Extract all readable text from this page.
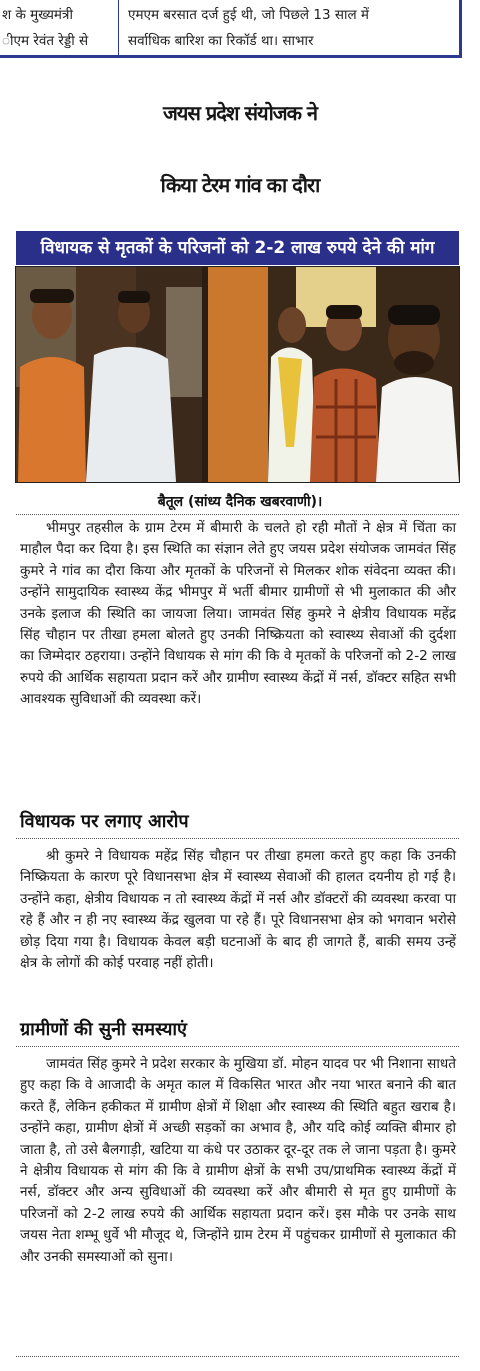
श के मुख्यमंत्री
ीएम रेवंत रेड्डी से
एमएम बरसात दर्ज हुई थी, जो पिछले 13 साल में
सर्वाधिक बारिश का रिकॉर्ड था। साभार
जयस प्रदेश संयोजक ने
किया टेरम गांव का दौरा
विधायक से मृतकों के परिजनों को 2-2 लाख रुपये देने की मांग
बैतूल (सांध्य दैनिक खबरवाणी)।

भीमपुर तहसील के ग्राम टेरम में बीमारी के चलते हो रही मौतों ने क्षेत्र में चिंता का माहौल पैदा कर दिया है। इस स्थिति का संज्ञान लेते हुए जयस प्रदेश संयोजक जामवंत सिंह कुमरे ने गांव का दौरा किया और मृतकों के परिजनों से मिलकर शोक संवेदना व्यक्त की। उन्होंने सामुदायिक स्वास्थ्य केंद्र भीमपुर में भर्ती बीमार ग्रामीणों से भी मुलाकात की और उनके इलाज की स्थिति का जायजा लिया। जामवंत सिंह कुमरे ने क्षेत्रीय विधायक महेंद्र सिंह चौहान पर तीखा हमला बोलते हुए उनकी निष्क्रियता को स्वास्थ्य सेवाओं की दुर्दशा का जिम्मेदार ठहराया। उन्होंने विधायक से मांग की कि वे मृतकों के परिजनों को 2-2 लाख रुपये की आर्थिक सहायता प्रदान करें और ग्रामीण स्वास्थ्य केंद्रों में नर्स, डॉक्टर सहित सभी आवश्यक सुविधाओं की व्यवस्था करें।

विधायक पर लगाए आरोप

श्री कुमरे ने विधायक महेंद्र सिंह चौहान पर तीखा हमला करते हुए कहा कि उनकी निष्क्रियता के कारण पूरे विधानसभा क्षेत्र में स्वास्थ्य सेवाओं की हालत दयनीय हो गई है। उन्होंने कहा, क्षेत्रीय विधायक न तो स्वास्थ्य केंद्रों में नर्स और डॉक्टरों की व्यवस्था करवा पा रहे हैं और न ही नए स्वास्थ्य केंद्र खुलवा पा रहे हैं। पूरे विधानसभा क्षेत्र को भगवान भरोसे छोड़ दिया गया है। विधायक केवल बड़ी घटनाओं के बाद ही जागते हैं, बाकी समय उन्हें क्षेत्र के लोगों की कोई परवाह नहीं होती।

ग्रामीणों की सुनी समस्याएं

जामवंत सिंह कुमरे ने प्रदेश सरकार के मुखिया डॉ. मोहन यादव पर भी निशाना साधते हुए कहा कि वे आजादी के अमृत काल में विकसित भारत और नया भारत बनाने की बात करते हैं, लेकिन हकीकत में ग्रामीण क्षेत्रों में शिक्षा और स्वास्थ्य की स्थिति बहुत खराब है। उन्होंने कहा, ग्रामीण क्षेत्रों में अच्छी सड़कों का अभाव है, और यदि कोई व्यक्ति बीमार हो जाता है, तो उसे बैलगाड़ी, खटिया या कंधे पर उठाकर दूर-दूर तक ले जाना पड़ता है। कुमरे ने क्षेत्रीय विधायक से मांग की कि वे ग्रामीण क्षेत्रों के सभी उप/प्राथमिक स्वास्थ्य केंद्रों में नर्स, डॉक्टर और अन्य सुविधाओं की व्यवस्था करें और बीमारी से मृत हुए ग्रामीणों के परिजनों को 2-2 लाख रुपये की आर्थिक सहायता प्रदान करें। इस मौके पर उनके साथ जयस नेता शम्भू धुर्वे भी मौजूद थे, जिन्होंने ग्राम टेरम में पहुंचकर ग्रामीणों से मुलाकात की और उनकी समस्याओं को सुना।
